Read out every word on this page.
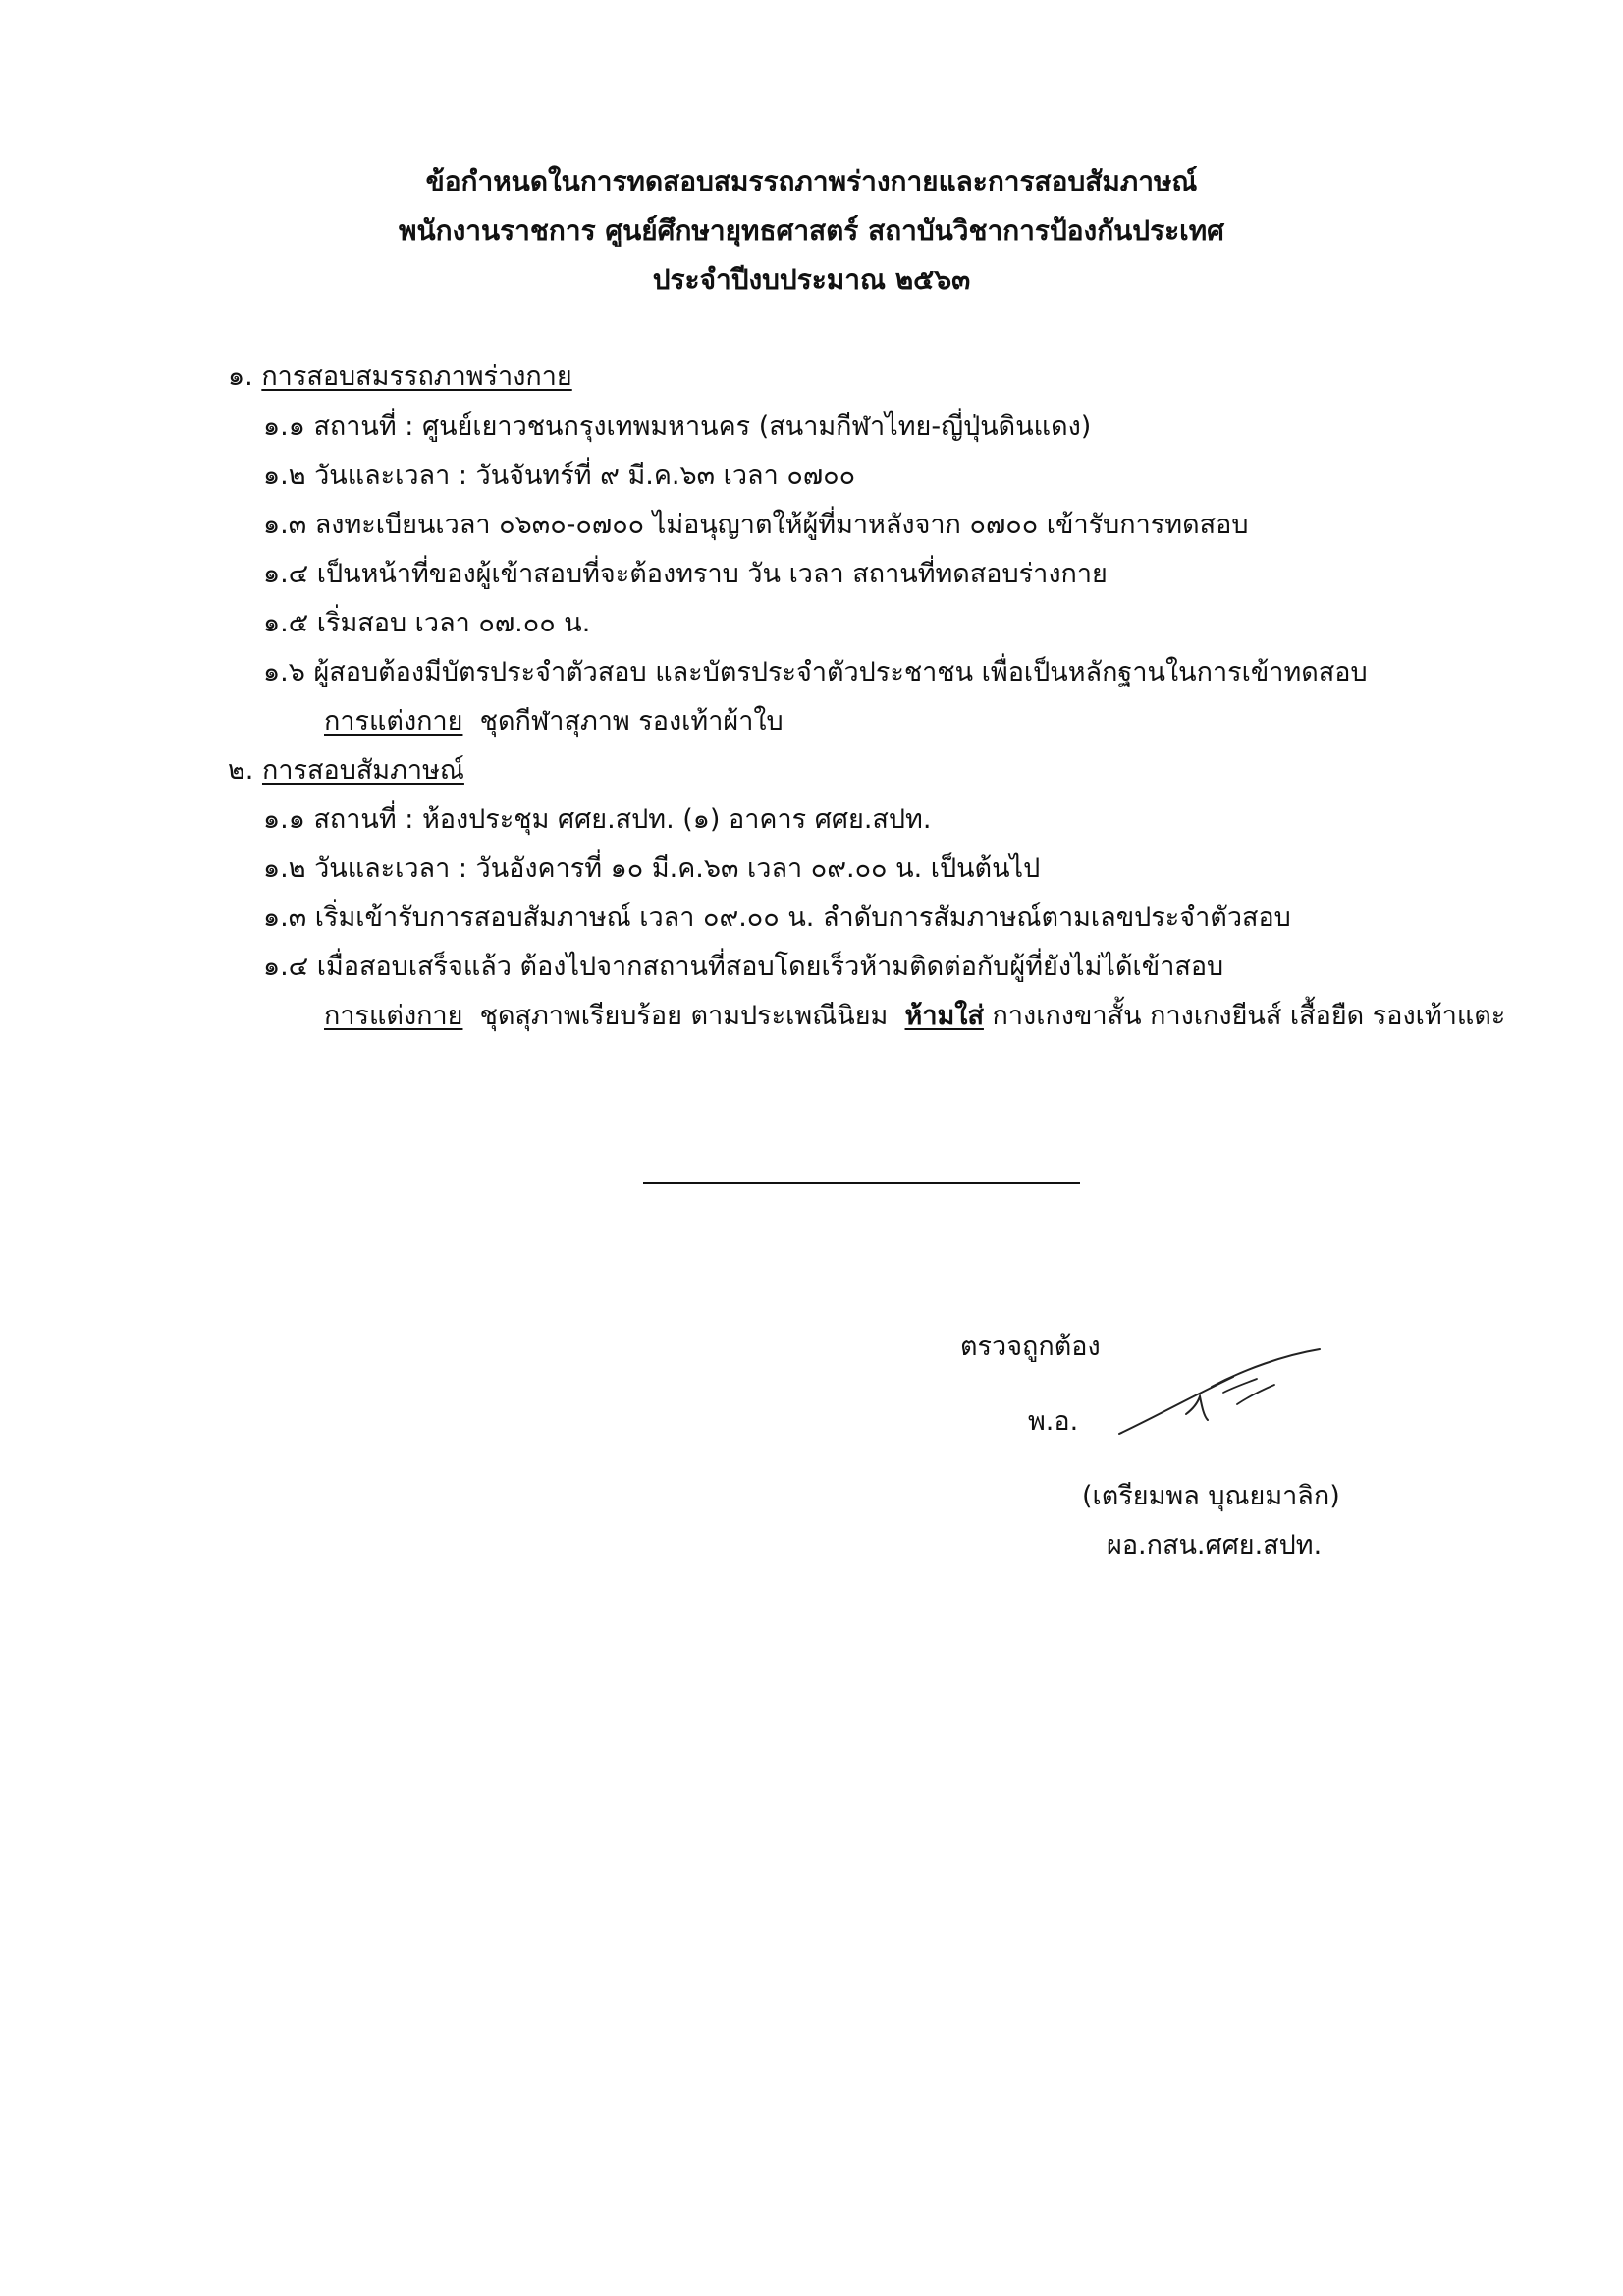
ข้อกำหนดในการทดสอบสมรรถภาพร่างกายและการสอบสัมภาษณ์
พนักงานราชการ ศูนย์ศึกษายุทธศาสตร์ สถาบันวิชาการป้องกันประเทศ
ประจำปีงบประมาณ ๒๕๖๓
๑. การสอบสมรรถภาพร่างกาย
๑.๑ สถานที่ : ศูนย์เยาวชนกรุงเทพมหานคร (สนามกีฬาไทย-ญี่ปุ่นดินแดง)
๑.๒ วันและเวลา : วันจันทร์ที่ ๙ มี.ค.๖๓ เวลา ๐๗๐๐
๑.๓ ลงทะเบียนเวลา ๐๖๓๐-๐๗๐๐ ไม่อนุญาตให้ผู้ที่มาหลังจาก ๐๗๐๐ เข้ารับการทดสอบ
๑.๔ เป็นหน้าที่ของผู้เข้าสอบที่จะต้องทราบ วัน เวลา สถานที่ทดสอบร่างกาย
๑.๕ เริ่มสอบ เวลา ๐๗.๐๐ น.
๑.๖ ผู้สอบต้องมีบัตรประจำตัวสอบ และบัตรประจำตัวประชาชน เพื่อเป็นหลักฐานในการเข้าทดสอบ
การแต่งกาย ชุดกีฬาสุภาพ รองเท้าผ้าใบ
๒. การสอบสัมภาษณ์
๑.๑ สถานที่ : ห้องประชุม ศศย.สปท. (๑) อาคาร ศศย.สปท.
๑.๒ วันและเวลา : วันอังคารที่ ๑๐ มี.ค.๖๓ เวลา ๐๙.๐๐ น. เป็นต้นไป
๑.๓ เริ่มเข้ารับการสอบสัมภาษณ์ เวลา ๐๙.๐๐ น. ลำดับการสัมภาษณ์ตามเลขประจำตัวสอบ
๑.๔ เมื่อสอบเสร็จแล้ว ต้องไปจากสถานที่สอบโดยเร็วห้ามติดต่อกับผู้ที่ยังไม่ได้เข้าสอบ
การแต่งกาย ชุดสุภาพเรียบร้อย ตามประเพณีนิยม ห้ามใส่ กางเกงขาสั้น กางเกงยีนส์ เสื้อยืด รองเท้าแตะ
ตรวจถูกต้อง
พ.อ.
(เตรียมพล บุณยมาลิก)
ผอ.กสน.ศศย.สปท.
